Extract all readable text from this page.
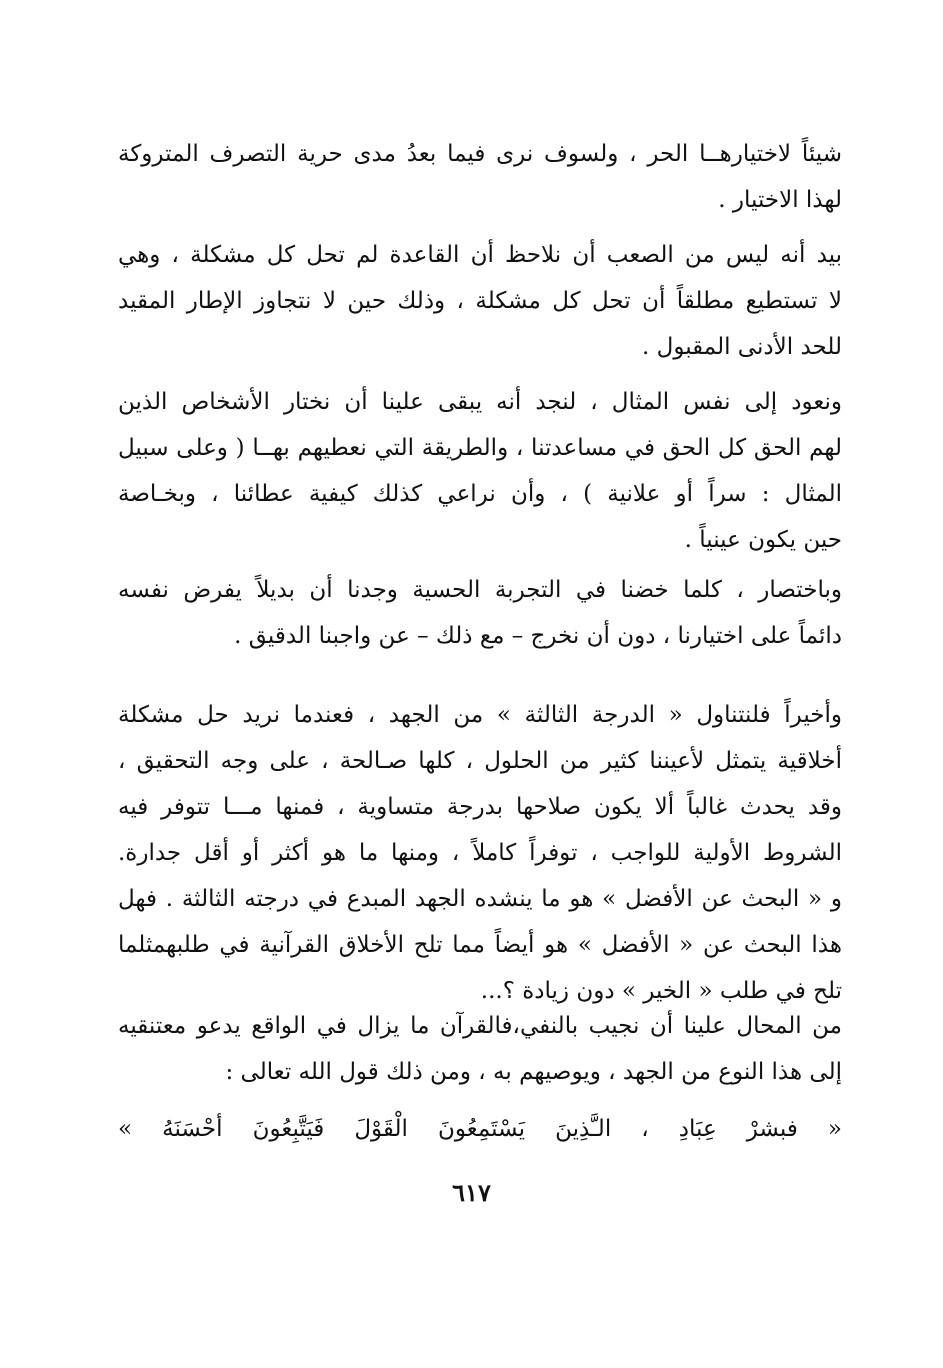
شيئاً لاختيارهــا الحر ، ولسوف نرى فيما بعدُ مدى حرية التصرف المتروكة
لهذا الاختيار .
بيد أنه ليس من الصعب أن نلاحظ أن القاعدة لم تحل كل مشكلة ، وهي
لا تستطيع مطلقاً أن تحل كل مشكلة ، وذلك حين لا نتجاوز الإطار المقيد
للحد الأدنى المقبول .
ونعود إلى نفس المثال ، لنجد أنه يبقى علينا أن نختار الأشخاص الذين
لهم الحق كل الحق في مساعدتنا ، والطريقة التي نعطيهم بهــا ( وعلى سبيل
المثال : سراً أو علانية ) ، وأن نراعي كذلك كيفية عطائنا ، وبخـاصة
حين يكون عينياً .
وباختصار ، كلما خضنا في التجربة الحسية وجدنا أن بديلاً يفرض نفسه
دائماً على اختيارنا ، دون أن نخرج – مع ذلك – عن واجبنا الدقيق .
وأخيراً فلنتناول « الدرجة الثالثة » من الجهد ، فعندما نريد حل مشكلة
أخلاقية يتمثل لأعيننا كثير من الحلول ، كلها صـالحة ، على وجه التحقيق ،
وقد يحدث غالباً ألا يكون صلاحها بدرجة متساوية ، فمنها مـــا تتوفر فيه
الشروط الأولية للواجب ، توفراً كاملاً ، ومنها ما هو أكثر أو أقل جدارة.
و « البحث عن الأفضل » هو ما ينشده الجهد المبدع في درجته الثالثة . فهل
هذا البحث عن « الأفضل » هو أيضاً مما تلح الأخلاق القرآنية في طلبهمثلما
تلح في طلب « الخير » دون زيادة ؟...
من المحال علينا أن نجيب بالنفي،فالقرآن ما يزال في الواقع يدعو معتنقيه
إلى هذا النوع من الجهد ، ويوصيهم به ، ومن ذلك قول الله تعالى :
« فبشرْ عِبَادِ ، الـَّذِينَ يَسْتَمِعُونَ الْقَوْلَ فَيَتَّبِعُونَ أحْسَنَهُ »
٦١٧
